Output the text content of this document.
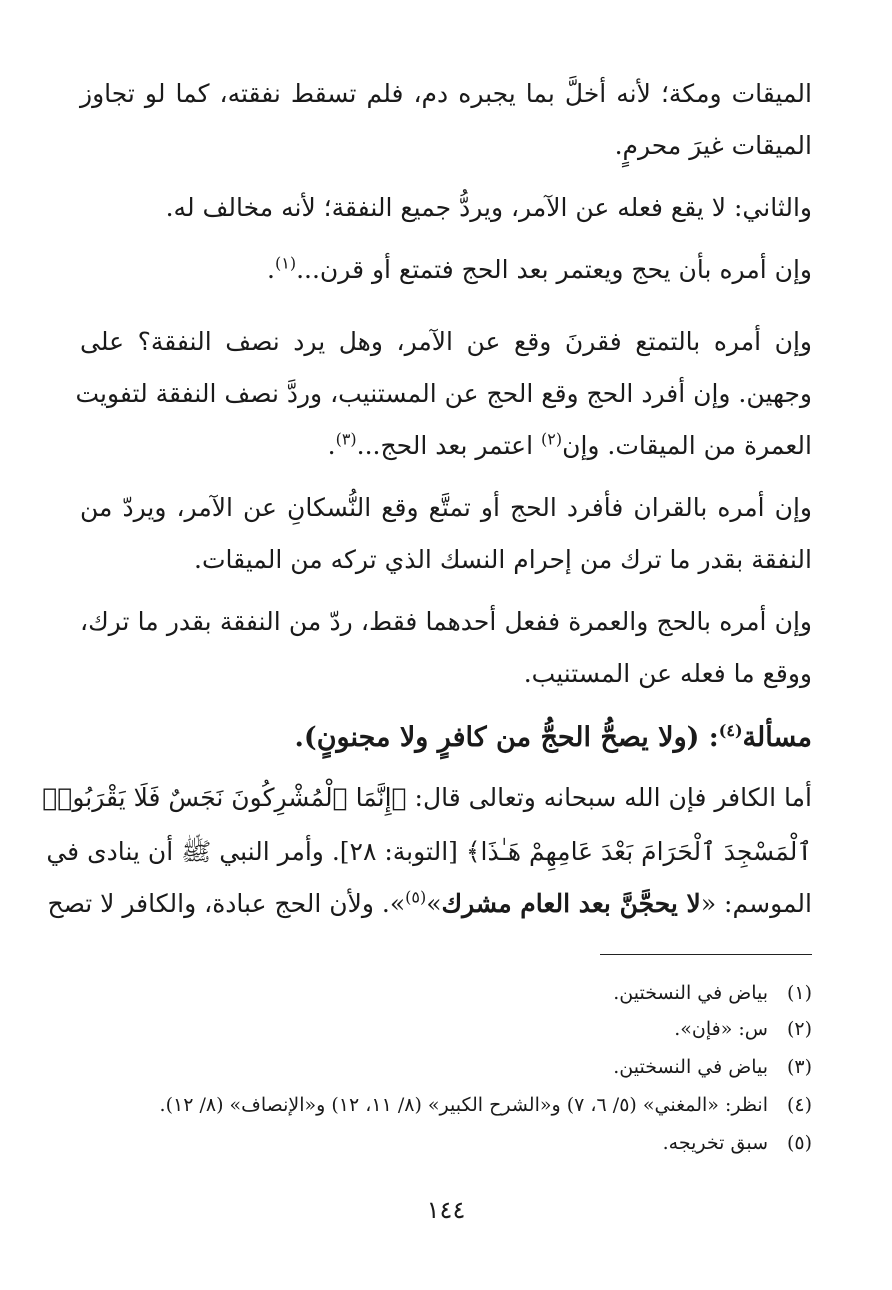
الميقات ومكة؛ لأنه أخلَّ بما يجبره دم، فلم تسقط نفقته، كما لو تجاوز
الميقات غيرَ محرمٍ.
والثاني: لا يقع فعله عن الآمر، ويردُّ جميع النفقة؛ لأنه مخالف له.
وإن أمره بأن يحج ويعتمر بعد الحج فتمتع أو قرن...$^{(١)}$.
وإن أمره بالتمتع فقرنَ وقع عن الآمر، وهل يرد نصف النفقة؟ على
وجهين. وإن أفرد الحج وقع الحج عن المستنيب، وردَّ نصف النفقة لتفويت
العمرة من الميقات. وإن$^{(٢)}$ اعتمر بعد الحج...$^{(٣)}$.
وإن أمره بالقران فأفرد الحج أو تمتَّع وقع النُّسكانِ عن الآمر، ويردّ من
النفقة بقدر ما ترك من إحرام النسك الذي تركه من الميقات.
وإن أمره بالحج والعمرة ففعل أحدهما فقط، ردّ من النفقة بقدر ما ترك،
ووقع ما فعله عن المستنيب.
مسألة$^{(٤)}$: (ولا يصحُّ الحجُّ من كافرٍ ولا مجنونٍ).
أما الكافر فإن الله سبحانه وتعالى قال: ﴿إِنَّمَا ٱلْمُشْرِكُونَ نَجَسٌ فَلَا يَقْرَبُوا۟
ٱلْمَسْجِدَ ٱلْحَرَامَ بَعْدَ عَامِهِمْ هَـٰذَا﴾ [التوبة: ٢٨]. وأمر النبي ﷺ أن ينادى في
الموسم: «لا يحجَّنَّ بعد العام مشرك»$^{(٥)}$». ولأن الحج عبادة، والكافر لا تصح
(١)بياض في النسختين.
(٢)س: «فإن».
(٣)بياض في النسختين.
(٤)انظر: «المغني» (٥/ ٦، ٧) و«الشرح الكبير» (٨/ ١١، ١٢) و«الإنصاف» (٨/ ١٢).
(٥)سبق تخريجه.
١٤٤
